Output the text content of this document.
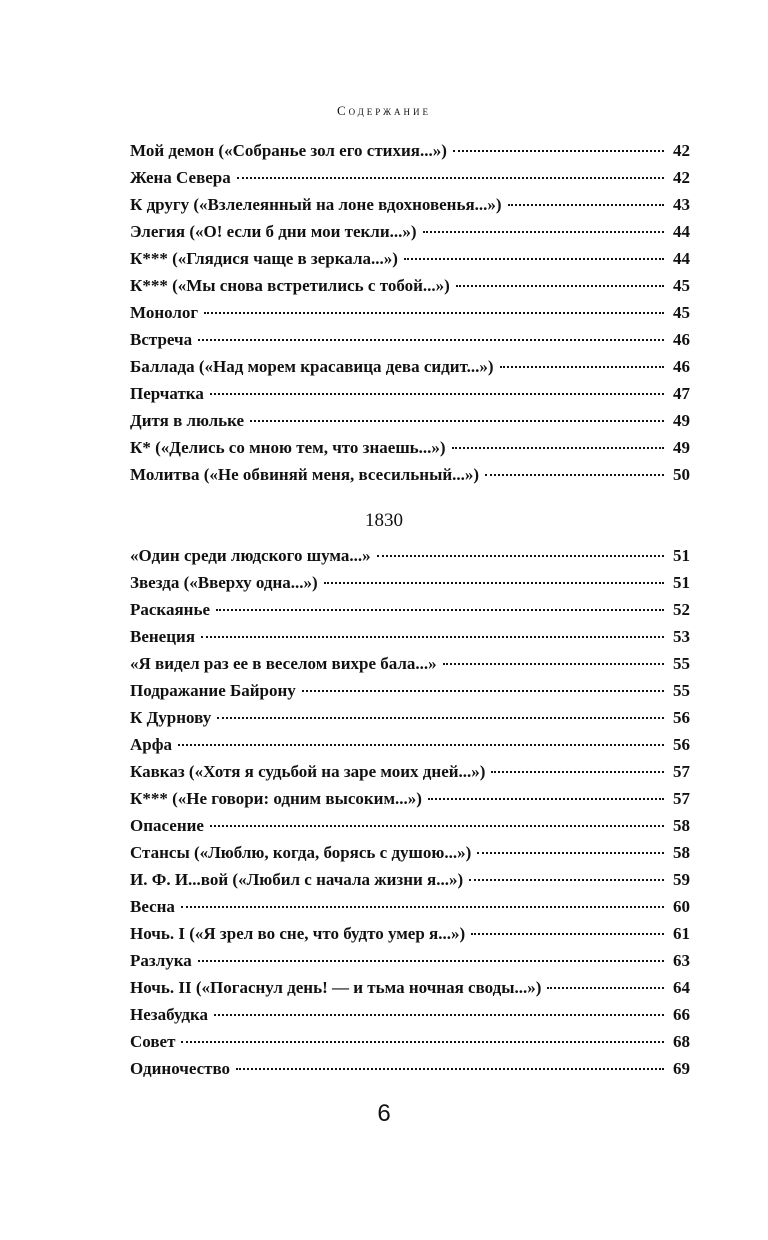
Содержание
Мой демон («Собранье зол его стихия...»)	42
Жена Севера	42
К другу («Взлелеянный на лоне вдохновенья...»)	43
Элегия («О! если б дни мои текли...»)	44
К*** («Глядися чаще в зеркала...»)	44
К*** («Мы снова встретились с тобой...»)	45
Монолог	45
Встреча	46
Баллада («Над морем красавица дева сидит...»)	46
Перчатка	47
Дитя в люльке	49
К* («Делись со мною тем, что знаешь...»)	49
Молитва («Не обвиняй меня, всесильный...»)	50
1830
«Один среди людского шума...»	51
Звезда («Вверху одна...»)	51
Раскаянье	52
Венеция	53
«Я видел раз ее в веселом вихре бала...»	55
Подражание Байрону	55
К Дурнову	56
Арфа	56
Кавказ («Хотя я судьбой на заре моих дней...»)	57
К*** («Не говори: одним высоким...»)	57
Опасение	58
Стансы («Люблю, когда, борясь с душою...»)	58
И. Ф. И...вой («Любил с начала жизни я...»)	59
Весна	60
Ночь. I («Я зрел во сне, что будто умер я...»)	61
Разлука	63
Ночь. II («Погаснул день! — и тьма ночная своды...»)	64
Незабудка	66
Совет	68
Одиночество	69
6
